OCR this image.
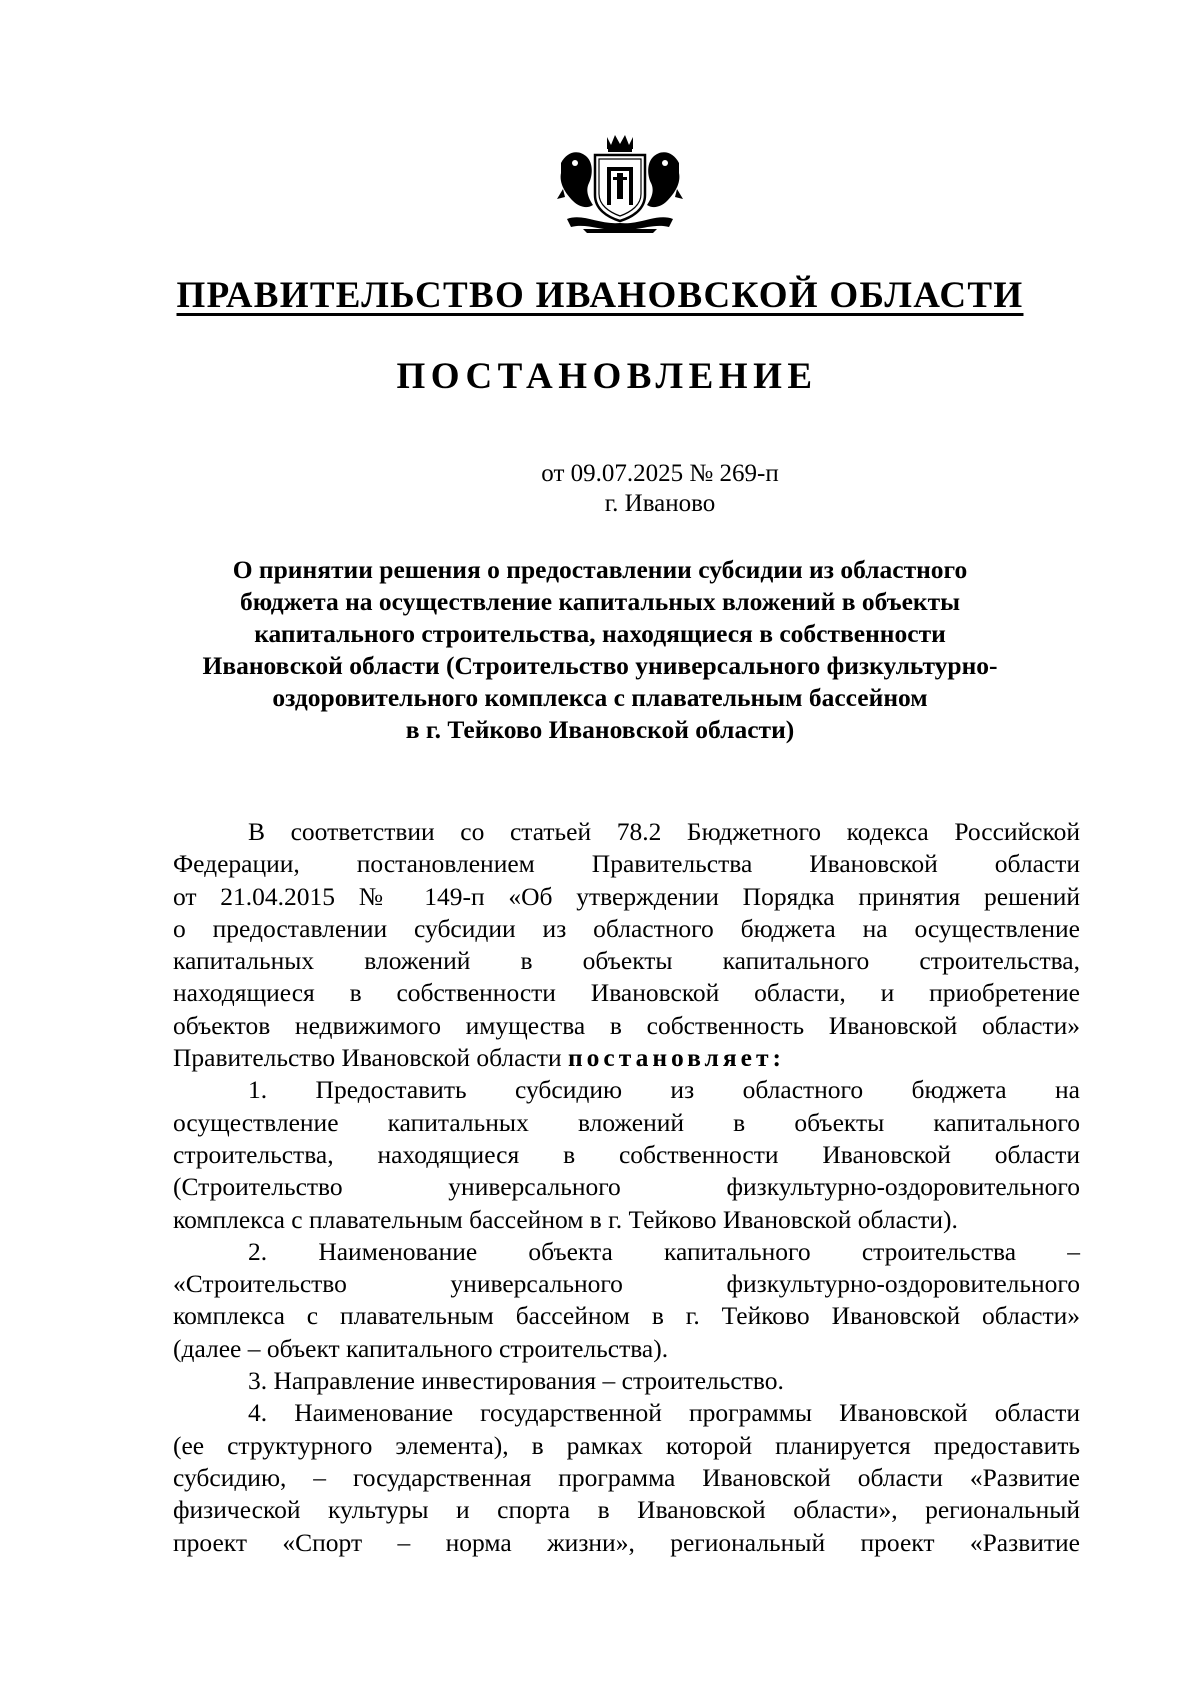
ПРАВИТЕЛЬСТВО ИВАНОВСКОЙ ОБЛАСТИ
ПОСТАНОВЛЕНИЕ
от 09.07.2025 № 269-п
г. Иваново
О принятии решения о предоставлении субсидии из областного
бюджета на осуществление капитальных вложений в объекты
капитального строительства, находящиеся в собственности
Ивановской области (Строительство универсального физкультурно-
оздоровительного комплекса с плавательным бассейном
в г. Тейково Ивановской области)
В соответствии со статьей 78.2 Бюджетного кодекса Российской
Федерации, постановлением Правительства Ивановской области
от 21.04.2015 № 149-п «Об утверждении Порядка принятия решений
о предоставлении субсидии из областного бюджета на осуществление
капитальных вложений в объекты капитального строительства,
находящиеся в собственности Ивановской области, и приобретение
объектов недвижимого имущества в собственность Ивановской области»
Правительство Ивановской области постановляет:
1. Предоставить субсидию из областного бюджета на
осуществление капитальных вложений в объекты капитального
строительства, находящиеся в собственности Ивановской области
(Строительство универсального физкультурно-оздоровительного
комплекса с плавательным бассейном в г. Тейково Ивановской области).
2. Наименование объекта капитального строительства –
«Строительство универсального физкультурно-оздоровительного
комплекса с плавательным бассейном в г. Тейково Ивановской области»
(далее – объект капитального строительства).
3. Направление инвестирования – строительство.
4. Наименование государственной программы Ивановской области
(ее структурного элемента), в рамках которой планируется предоставить
субсидию, – государственная программа Ивановской области «Развитие
физической культуры и спорта в Ивановской области», региональный
проект «Спорт – норма жизни», региональный проект «Развитие
